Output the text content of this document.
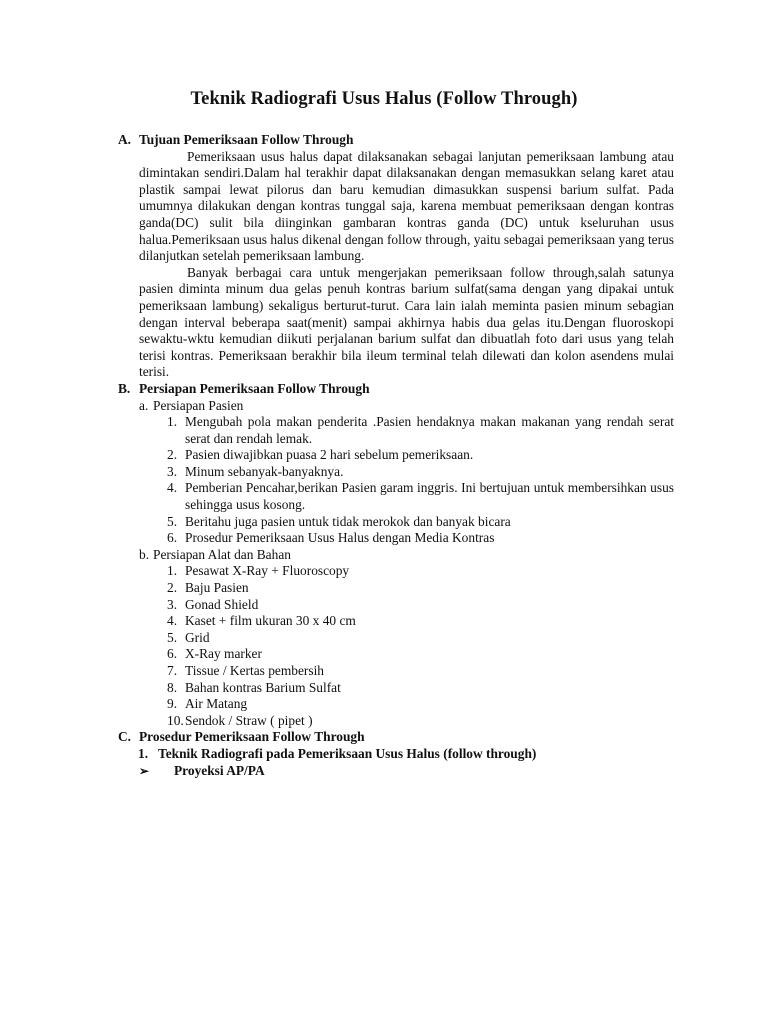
Teknik Radiografi Usus Halus (Follow Through)
A. Tujuan Pemeriksaan Follow Through
Pemeriksaan usus halus dapat dilaksanakan sebagai lanjutan pemeriksaan lambung atau dimintakan sendiri.Dalam hal terakhir dapat dilaksanakan dengan memasukkan selang karet atau plastik sampai lewat pilorus dan baru kemudian dimasukkan suspensi barium sulfat. Pada umumnya dilakukan dengan kontras tunggal saja, karena membuat pemeriksaan dengan kontras ganda(DC) sulit bila diinginkan gambaran kontras ganda (DC) untuk kseluruhan usus halua.Pemeriksaan usus halus dikenal dengan follow through, yaitu sebagai pemeriksaan yang terus dilanjutkan setelah pemeriksaan lambung.
Banyak berbagai cara untuk mengerjakan pemeriksaan follow through,salah satunya pasien diminta minum dua gelas penuh kontras barium sulfat(sama dengan yang dipakai untuk pemeriksaan lambung) sekaligus berturut-turut. Cara lain ialah meminta pasien minum sebagian dengan interval beberapa saat(menit) sampai akhirnya habis dua gelas itu.Dengan fluoroskopi sewaktu-wktu kemudian diikuti perjalanan barium sulfat dan dibuatlah foto dari usus yang telah terisi kontras. Pemeriksaan berakhir bila ileum terminal telah dilewati dan kolon asendens mulai terisi.
B. Persiapan Pemeriksaan Follow Through
a. Persiapan Pasien
1. Mengubah pola makan penderita .Pasien hendaknya makan makanan yang rendah serat serat dan rendah lemak.
2. Pasien diwajibkan puasa 2 hari sebelum pemeriksaan.
3. Minum sebanyak-banyaknya.
4. Pemberian Pencahar,berikan Pasien garam inggris. Ini bertujuan untuk membersihkan usus sehingga usus kosong.
5. Beritahu juga pasien untuk tidak merokok dan banyak bicara
6. Prosedur Pemeriksaan Usus Halus dengan Media Kontras
b. Persiapan Alat dan Bahan
1. Pesawat X-Ray + Fluoroscopy
2. Baju Pasien
3. Gonad Shield
4. Kaset + film ukuran 30 x 40 cm
5. Grid
6. X-Ray marker
7. Tissue / Kertas pembersih
8. Bahan kontras Barium Sulfat
9. Air Matang
10. Sendok / Straw ( pipet )
C. Prosedur Pemeriksaan Follow Through
1. Teknik Radiografi pada Pemeriksaan Usus Halus (follow through)
➢ Proyeksi AP/PA
